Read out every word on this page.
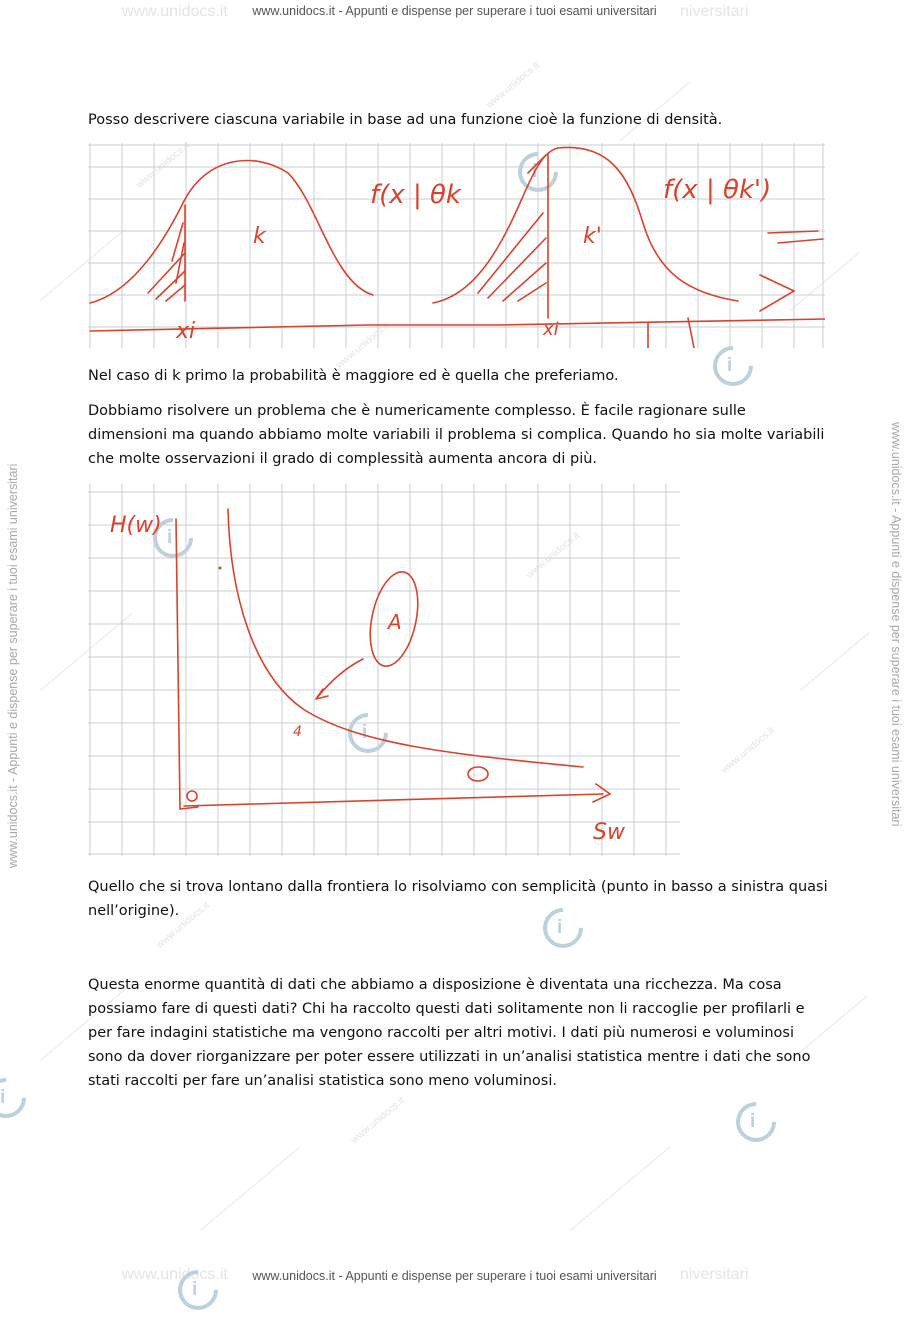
www.unidocs.it	niversitari
www.unidocs.it - Appunti e dispense per superare i tuoi esami universitari
www.unidocs.it	niversitari
www.unidocs.it - Appunti e dispense per superare i tuoi esami universitari
www.unidocs.it - Appunti e dispense per superare i tuoi esami universitari	www.unidocs.it - Appunti e dispense per superare i tuoi esami universitari
www.unidocs.it
www.unidocs.it
www.unidocs.it
www.unidocs.it
www.unidocs.it
www.unidocs.it
www.unidocs.it
i
i
i
i
i
i
i
i

Posso descrivere ciascuna variabile in base ad una funzione cioè la funzione di densità.

k	k'
f(x | θk	f(x | θk')
xi	xi

Nel caso di k primo la probabilità è maggiore ed è quella che preferiamo.

Dobbiamo risolvere un problema che è numericamente complesso. È facile ragionare sulle dimensioni ma quando abbiamo molte variabili il problema si complica. Quando ho sia molte variabili che molte osservazioni il grado di complessità aumenta ancora di più.

H(w)
Sw
4
A

Quello che si trova lontano dalla frontiera lo risolviamo con semplicità (punto in basso a sinistra quasi nell’origine).

Questa enorme quantità di dati che abbiamo a disposizione è diventata una ricchezza. Ma cosa possiamo fare di questi dati? Chi ha raccolto questi dati solitamente non li raccoglie per profilarli e per fare indagini statistiche ma vengono raccolti per altri motivi. I dati più numerosi e voluminosi sono da dover riorganizzare per poter essere utilizzati in un’analisi statistica mentre i dati che sono stati raccolti per fare un’analisi statistica sono meno voluminosi.
